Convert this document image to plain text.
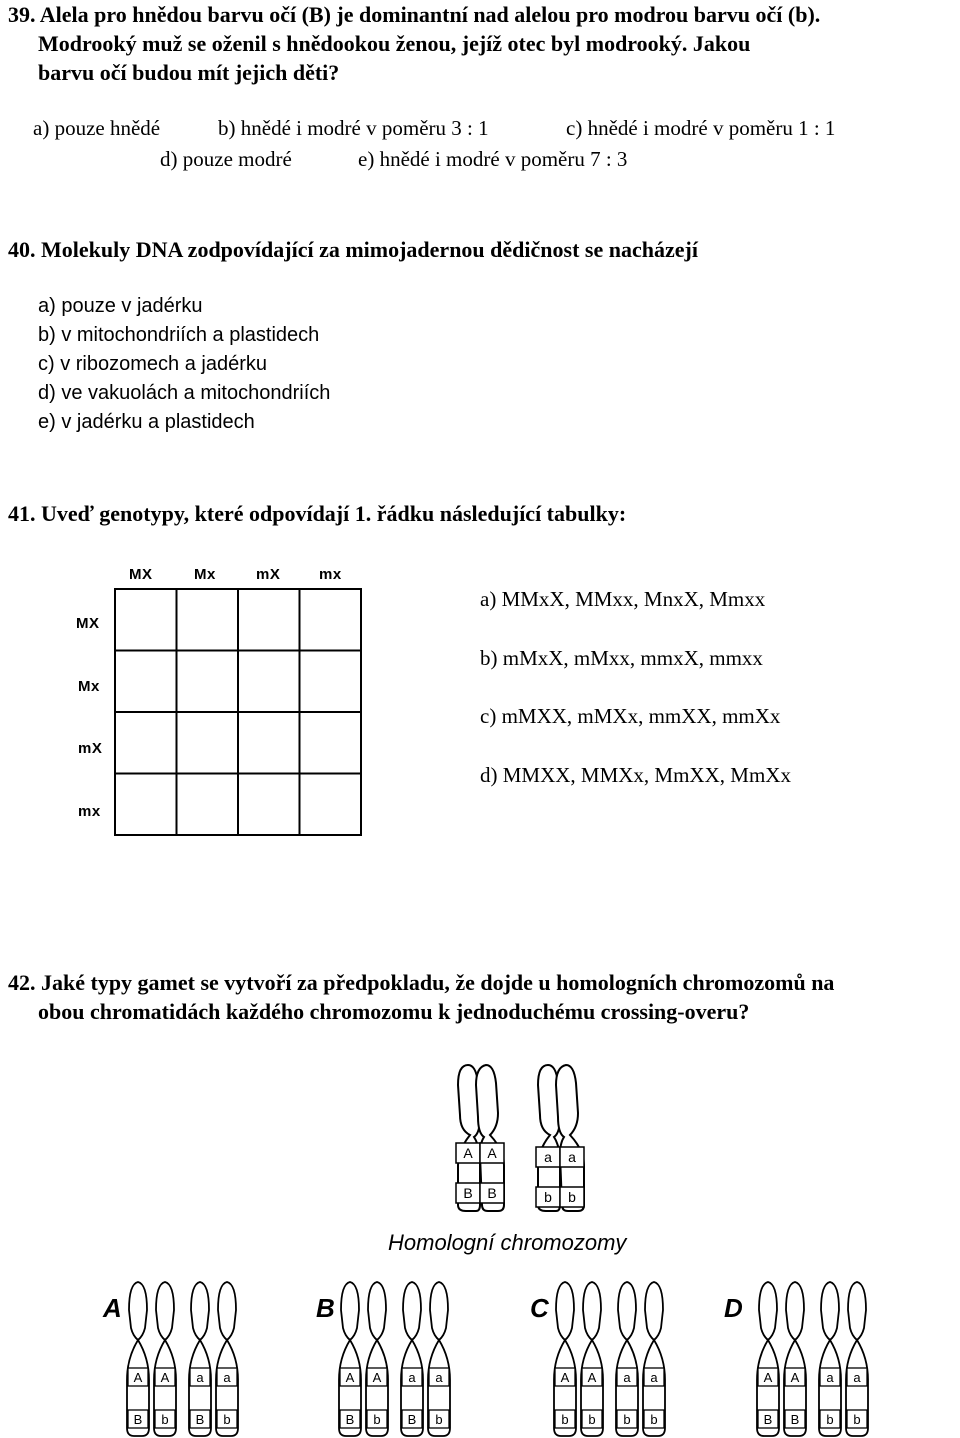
39. Alela pro hnědou barvu očí (B) je dominantní nad alelou pro modrou barvu očí (b).
Modrooký muž se oženil s hnědookou ženou, jejíž otec byl modrooký. Jakou
barvu očí budou mít jejich děti?
a) pouze hnědé	b) hnědé i modré v poměru 3 : 1	c) hnědé i modré v poměru 1 : 1
d) pouze modré	e) hnědé i modré v poměru 7 : 3
40. Molekuly DNA zodpovídající za mimojadernou dědičnost se nacházejí
a) pouze v jadérku
b) v mitochondriích a plastidech
c) v ribozomech a jadérku
d) ve vakuolách a mitochondriích
e) v jadérku a plastidech
41. Uveď genotypy, které odpovídají 1. řádku následující tabulky:
MX	Mx	mX	mx
MX
Mx
mX
mx
a) MMxX, MMxx, MnxX, Mmxx
b) mMxX, mMxx, mmxX, mmxx
c) mMXX, mMXx, mmXX, mmXx
d) MMXX, MMXx, MmXX, MmXx
42. Jaké typy gamet se vytvoří za předpokladu, že dojde u homologních chromozomů na
obou chromatidách každého chromozomu k jednoduchému crossing-overu?
A A
B B
a a
b b
Homologní chromozomy
A	B	C	D
A
B
A
b
a
B
a
b
A
B
A
b
a
B
a
b
A
b
A
b
a
b
a
b
A
B
A
B
a
b
a
b
